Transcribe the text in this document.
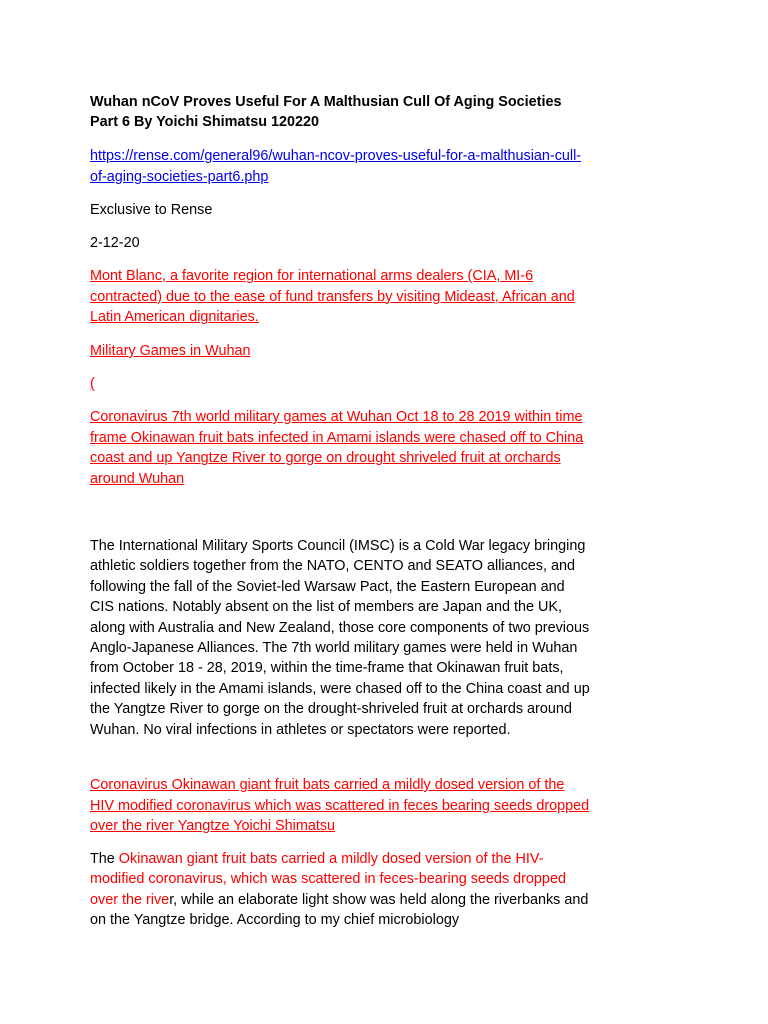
Wuhan nCoV Proves Useful For A Malthusian Cull Of Aging Societies Part 6 By Yoichi Shimatsu 120220
https://rense.com/general96/wuhan-ncov-proves-useful-for-a-malthusian-cull-of-aging-societies-part6.php
Exclusive to Rense
2-12-20
Mont Blanc, a favorite region for international arms dealers (CIA, MI-6 contracted) due to the ease of fund transfers by visiting Mideast, African and Latin American dignitaries.
Military Games in Wuhan
(
Coronavirus 7th world military games at Wuhan Oct 18 to 28 2019 within time frame Okinawan fruit bats infected in Amami islands were chased off to China coast and up Yangtze River to gorge on drought shriveled fruit at orchards around Wuhan
The International Military Sports Council (IMSC) is a Cold War legacy bringing athletic soldiers together from the NATO, CENTO and SEATO alliances, and following the fall of the Soviet-led Warsaw Pact, the Eastern European and CIS nations. Notably absent on the list of members are Japan and the UK, along with Australia and New Zealand, those core components of two previous Anglo-Japanese Alliances. The 7th world military games were held in Wuhan from October 18 - 28, 2019, within the time-frame that Okinawan fruit bats, infected likely in the Amami islands, were chased off to the China coast and up the Yangtze River to gorge on the drought-shriveled fruit at orchards around Wuhan. No viral infections in athletes or spectators were reported.
Coronavirus Okinawan giant fruit bats carried a mildly dosed version of the HIV modified coronavirus which was scattered in feces bearing seeds dropped over the river Yangtze Yoichi Shimatsu
The Okinawan giant fruit bats carried a mildly dosed version of the HIV-modified coronavirus, which was scattered in feces-bearing seeds dropped over the river, while an elaborate light show was held along the riverbanks and on the Yangtze bridge. According to my chief microbiology
